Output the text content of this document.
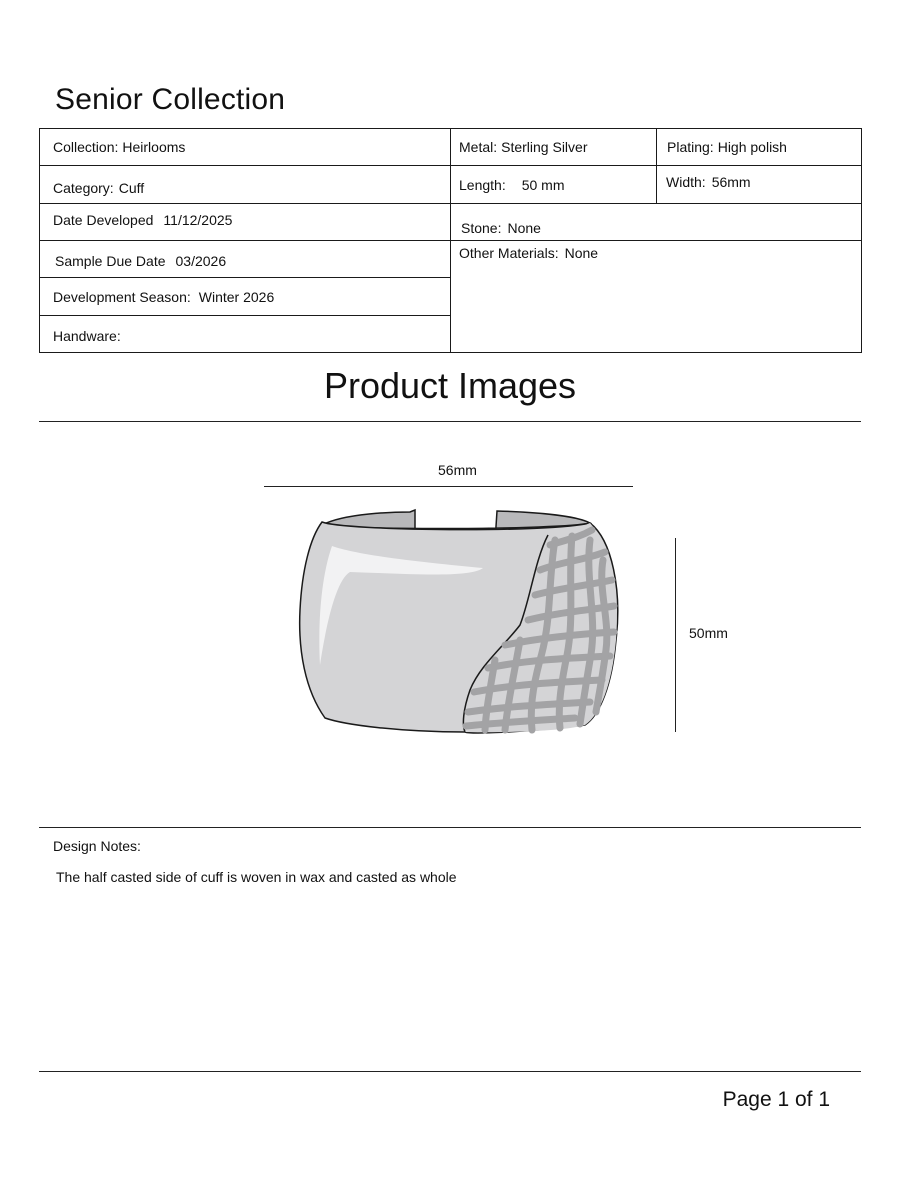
Senior Collection
Collection: Heirlooms
Category: Cuff
Date Developed 11/12/2025
Sample Due Date 03/2026
Development Season: Winter 2026
Handware:
Metal: Sterling Silver	Plating: High polish
Length: 50 mm	Width: 56mm
Stone: None
Other Materials: None
Product Images
56mm
50mm
Design Notes:
The half casted side of cuff is woven in wax and casted as whole
Page 1 of 1
